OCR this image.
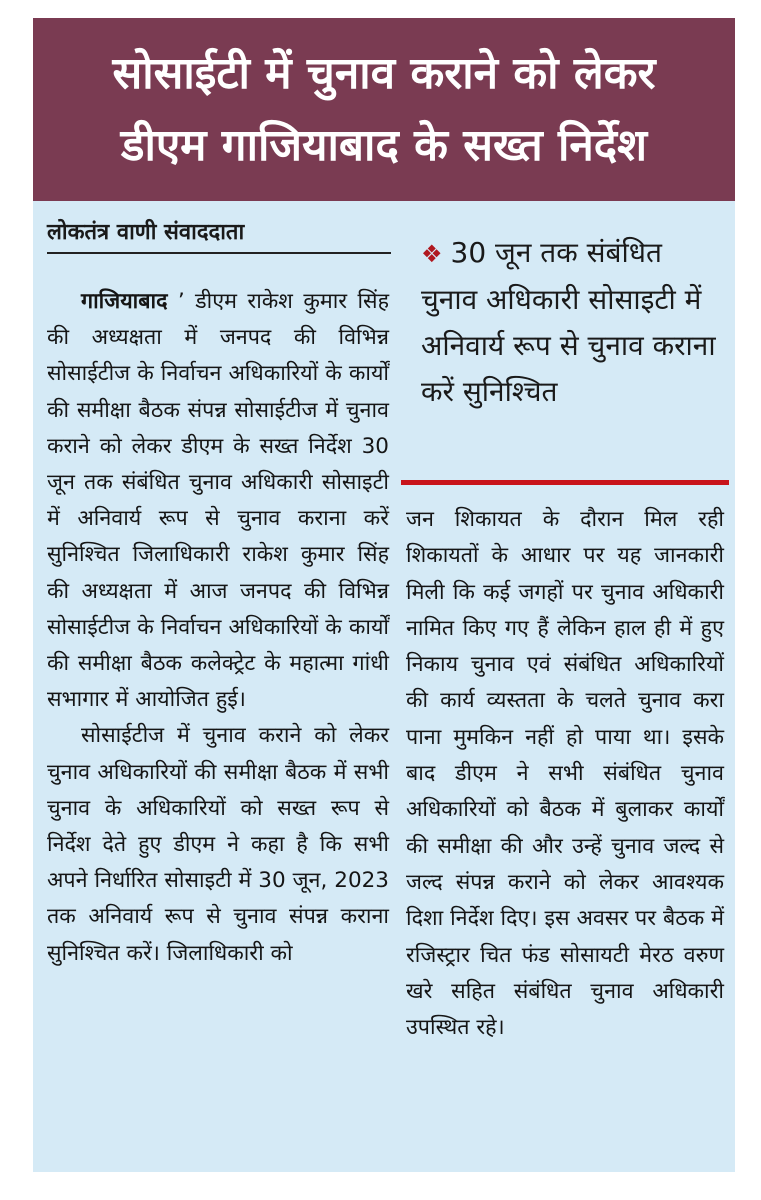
सोसाईटी में चुनाव कराने को लेकर
डीएम गाजियाबाद के सख्त निर्देश
लोकतंत्र वाणी संवाददाता

गाजियाबाद ’ डीएम राकेश कुमार सिंह की अध्यक्षता में जनपद की विभिन्न सोसाईटीज के निर्वाचन अधिकारियों के कार्यों की समीक्षा बैठक संपन्न सोसाईटीज में चुनाव कराने को लेकर डीएम के सख्त निर्देश 30 जून तक संबंधित चुनाव अधिकारी सोसाइटी में अनिवार्य रूप से चुनाव कराना करें सुनिश्चित जिलाधिकारी राकेश कुमार सिंह की अध्यक्षता में आज जनपद की विभिन्न सोसाईटीज के निर्वाचन अधिकारियों के कार्यों की समीक्षा बैठक कलेक्ट्रेट के महात्मा गांधी सभागार में आयोजित हुई।

सोसाईटीज में चुनाव कराने को लेकर चुनाव अधिकारियों की समीक्षा बैठक में सभी चुनाव के अधिकारियों को सख्त रूप से निर्देश देते हुए डीएम ने कहा है कि सभी अपने निर्धारित सोसाइटी में 30 जून, 2023 तक अनिवार्य रूप से चुनाव संपन्न कराना सुनिश्चित करें। जिलाधिकारी को

❖ 30 जून तक संबंधित चुनाव अधिकारी सोसाइटी में अनिवार्य रूप से चुनाव कराना करें सुनिश्चित

जन शिकायत के दौरान मिल रही शिकायतों के आधार पर यह जानकारी मिली कि कई जगहों पर चुनाव अधिकारी नामित किए गए हैं लेकिन हाल ही में हुए निकाय चुनाव एवं संबंधित अधिकारियों की कार्य व्यस्तता के चलते चुनाव करा पाना मुमकिन नहीं हो पाया था। इसके बाद डीएम ने सभी संबंधित चुनाव अधिकारियों को बैठक में बुलाकर कार्यों की समीक्षा की और उन्हें चुनाव जल्द से जल्द संपन्न कराने को लेकर आवश्यक दिशा निर्देश दिए। इस अवसर पर बैठक में रजिस्ट्रार चित फंड सोसायटी मेरठ वरुण खरे सहित संबंधित चुनाव अधिकारी उपस्थित रहे।
